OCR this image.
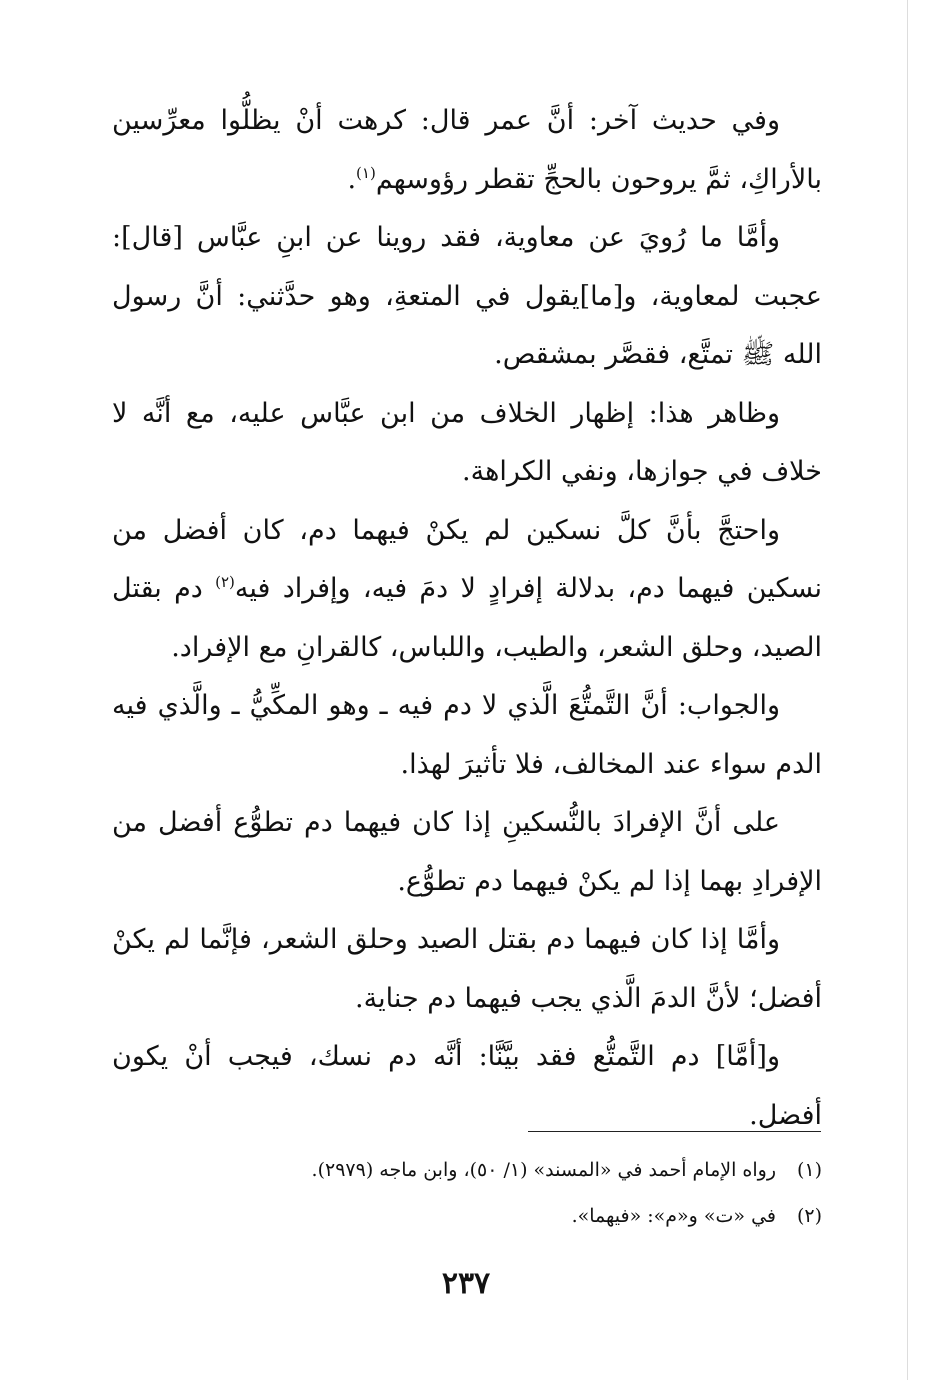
وفي حديث آخر: أنَّ عمر قال: كرهت أنْ يظلُّوا معرِّسين بالأراكِ، ثمَّ يروحون بالحجِّ تقطر رؤوسهم$^{(١)}$.

وأمَّا ما رُويَ عن معاوية، فقد روينا عن ابنِ عبَّاس [قال]: عجبت لمعاوية، و[ما]يقول في المتعةِ، وهو حدَّثني: أنَّ رسول الله ﷺ تمتَّع، فقصَّر بمشقص.

وظاهر هذا: إظهار الخلاف من ابن عبَّاس عليه، مع أنَّه لا خلاف في جوازها، ونفي الكراهة.

واحتجَّ بأنَّ كلَّ نسكين لم يكنْ فيهما دم، كان أفضل من نسكين فيهما دم، بدلالة إفرادٍ لا دمَ فيه، وإفراد فيه$^{(٢)}$ دم بقتل الصيد، وحلق الشعر، والطيب، واللباس، كالقرانِ مع الإفراد.

والجواب: أنَّ التَّمتُّعَ الَّذي لا دم فيه ـ وهو المكِّيُّ ـ والَّذي فيه الدم سواء عند المخالف، فلا تأثيرَ لهذا.

على أنَّ الإفرادَ بالنُّسكينِ إذا كان فيهما دم تطوُّع أفضل من الإفرادِ بهما إذا لم يكنْ فيهما دم تطوُّع.

وأمَّا إذا كان فيهما دم بقتل الصيد وحلق الشعر، فإنَّما لم يكنْ أفضل؛ لأنَّ الدمَ الَّذي يجب فيهما دم جناية.

و[أمَّا] دم التَّمتُّع فقد بيَّنَّا: أنَّه دم نسك، فيجب أنْ يكون أفضل.

(١)رواه الإمام أحمد في «المسند» (١/ ٥٠)، وابن ماجه (٢٩٧٩).

(٢)في «ت» و«م»: «فيهما».

٢٣٧
